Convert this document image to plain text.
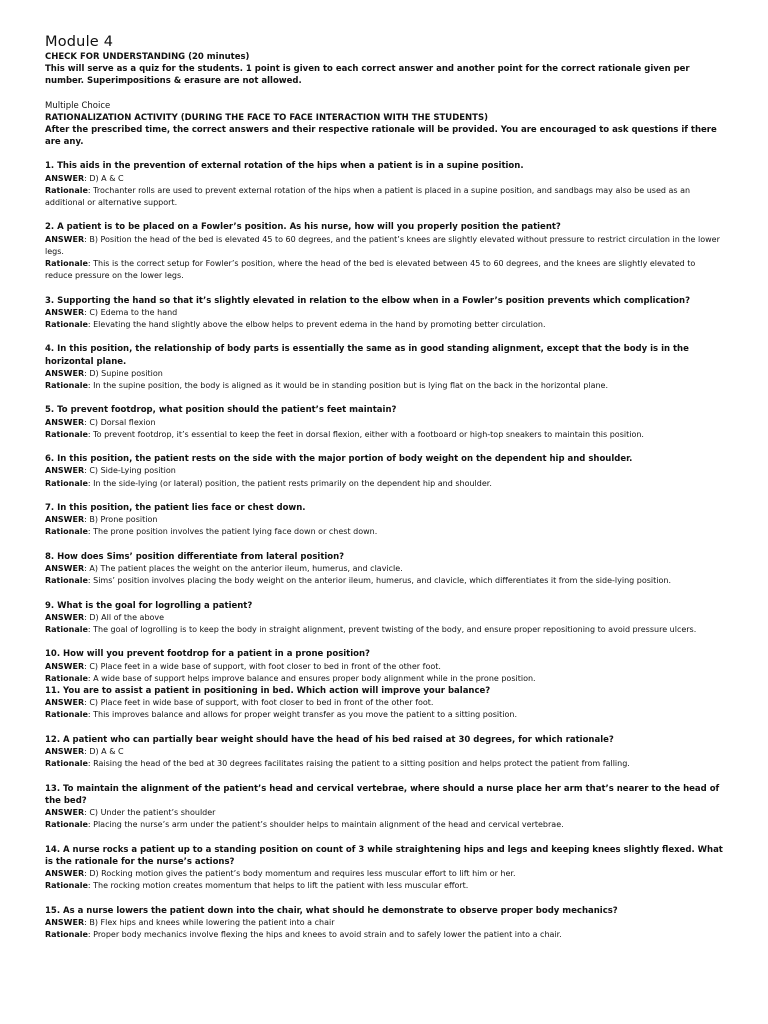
Module 4
CHECK FOR UNDERSTANDING (20 minutes)
This will serve as a quiz for the students. 1 point is given to each correct answer and another point for the correct rationale given per number. Superimpositions & erasure are not allowed.
Multiple Choice
RATIONALIZATION ACTIVITY (DURING THE FACE TO FACE INTERACTION WITH THE STUDENTS)
After the prescribed time, the correct answers and their respective rationale will be provided. You are encouraged to ask questions if there are any.
1. This aids in the prevention of external rotation of the hips when a patient is in a supine position.
ANSWER: D) A & C
Rationale: Trochanter rolls are used to prevent external rotation of the hips when a patient is placed in a supine position, and sandbags may also be used as an additional or alternative support.
2. A patient is to be placed on a Fowler’s position. As his nurse, how will you properly position the patient?
ANSWER: B) Position the head of the bed is elevated 45 to 60 degrees, and the patient’s knees are slightly elevated without pressure to restrict circulation in the lower legs.
Rationale: This is the correct setup for Fowler’s position, where the head of the bed is elevated between 45 to 60 degrees, and the knees are slightly elevated to reduce pressure on the lower legs.
3. Supporting the hand so that it’s slightly elevated in relation to the elbow when in a Fowler’s position prevents which complication?
ANSWER: C) Edema to the hand
Rationale: Elevating the hand slightly above the elbow helps to prevent edema in the hand by promoting better circulation.
4. In this position, the relationship of body parts is essentially the same as in good standing alignment, except that the body is in the horizontal plane.
ANSWER: D) Supine position
Rationale: In the supine position, the body is aligned as it would be in standing position but is lying flat on the back in the horizontal plane.
5. To prevent footdrop, what position should the patient’s feet maintain?
ANSWER: C) Dorsal flexion
Rationale: To prevent footdrop, it’s essential to keep the feet in dorsal flexion, either with a footboard or high-top sneakers to maintain this position.
6. In this position, the patient rests on the side with the major portion of body weight on the dependent hip and shoulder.
ANSWER: C) Side-Lying position
Rationale: In the side-lying (or lateral) position, the patient rests primarily on the dependent hip and shoulder.
7. In this position, the patient lies face or chest down.
ANSWER: B) Prone position
Rationale: The prone position involves the patient lying face down or chest down.
8. How does Sims’ position differentiate from lateral position?
ANSWER: A) The patient places the weight on the anterior ileum, humerus, and clavicle.
Rationale: Sims’ position involves placing the body weight on the anterior ileum, humerus, and clavicle, which differentiates it from the side-lying position.
9. What is the goal for logrolling a patient?
ANSWER: D) All of the above
Rationale: The goal of logrolling is to keep the body in straight alignment, prevent twisting of the body, and ensure proper repositioning to avoid pressure ulcers.
10. How will you prevent footdrop for a patient in a prone position?
ANSWER: C) Place feet in a wide base of support, with foot closer to bed in front of the other foot.
Rationale: A wide base of support helps improve balance and ensures proper body alignment while in the prone position.
11. You are to assist a patient in positioning in bed. Which action will improve your balance?
ANSWER: C) Place feet in wide base of support, with foot closer to bed in front of the other foot.
Rationale: This improves balance and allows for proper weight transfer as you move the patient to a sitting position.
12. A patient who can partially bear weight should have the head of his bed raised at 30 degrees, for which rationale?
ANSWER: D) A & C
Rationale: Raising the head of the bed at 30 degrees facilitates raising the patient to a sitting position and helps protect the patient from falling.
13. To maintain the alignment of the patient’s head and cervical vertebrae, where should a nurse place her arm that’s nearer to the head of the bed?
ANSWER: C) Under the patient’s shoulder
Rationale: Placing the nurse’s arm under the patient’s shoulder helps to maintain alignment of the head and cervical vertebrae.
14. A nurse rocks a patient up to a standing position on count of 3 while straightening hips and legs and keeping knees slightly flexed. What is the rationale for the nurse’s actions?
ANSWER: D) Rocking motion gives the patient’s body momentum and requires less muscular effort to lift him or her.
Rationale: The rocking motion creates momentum that helps to lift the patient with less muscular effort.
15. As a nurse lowers the patient down into the chair, what should he demonstrate to observe proper body mechanics?
ANSWER: B) Flex hips and knees while lowering the patient into a chair
Rationale: Proper body mechanics involve flexing the hips and knees to avoid strain and to safely lower the patient into a chair.
